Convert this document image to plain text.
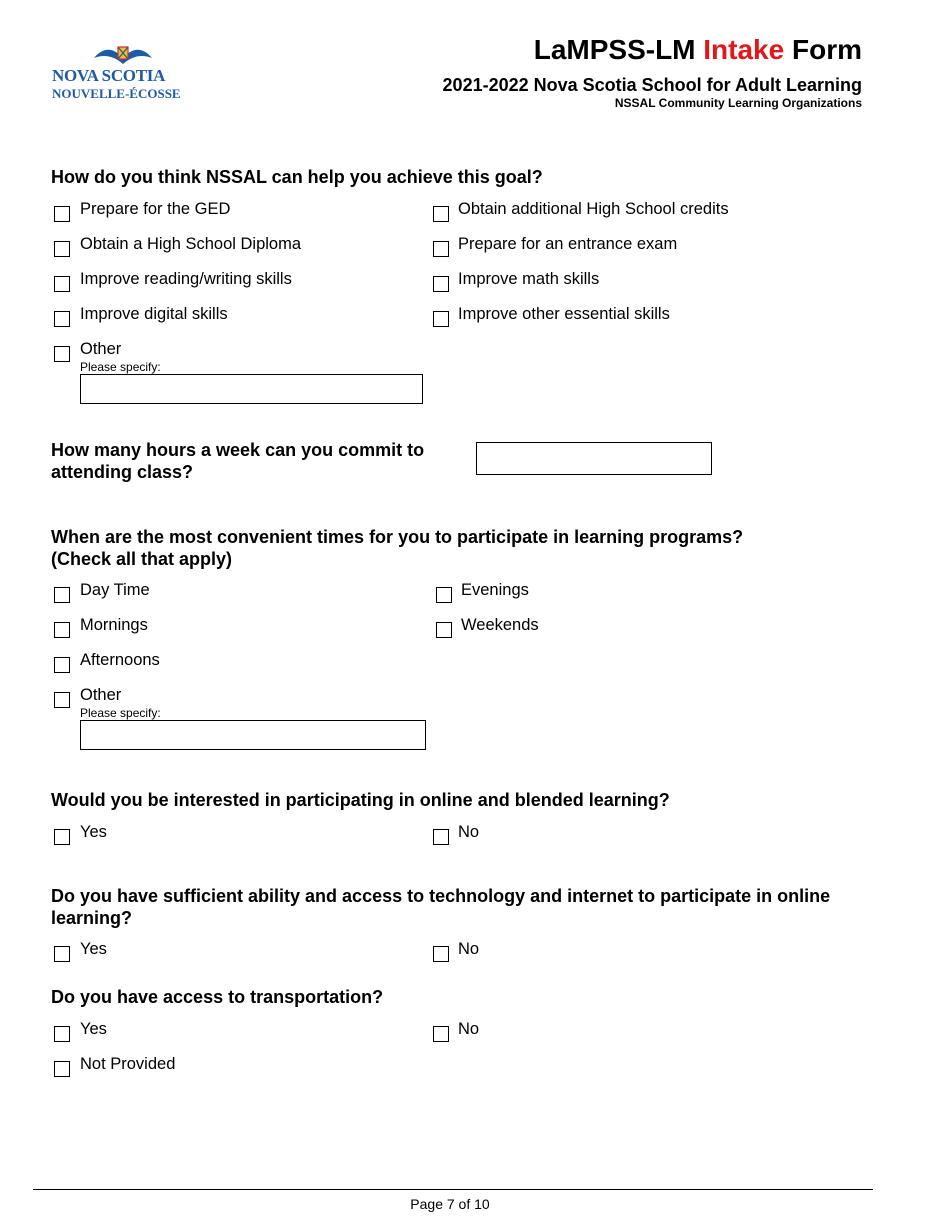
NOVA SCOTIA
NOUVELLE-ÉCOSSE
LaMPSS-LM Intake Form
2021-2022 Nova Scotia School for Adult Learning
NSSAL Community Learning Organizations
How do you think NSSAL can help you achieve this goal?
Prepare for the GED	Obtain additional High School credits
Obtain a High School Diploma	Prepare for an entrance exam
Improve reading/writing skills	Improve math skills
Improve digital skills	Improve other essential skills
Other
Please specify:
How many hours a week can you commit to
attending class?
When are the most convenient times for you to participate in learning programs?
(Check all that apply)
Day Time	Evenings
Mornings	Weekends
Afternoons
Other
Please specify:
Would you be interested in participating in online and blended learning?
Yes	No
Do you have sufficient ability and access to technology and internet to participate in online
learning?
Yes	No
Do you have access to transportation?
Yes	No
Not Provided
Page 7 of 10
